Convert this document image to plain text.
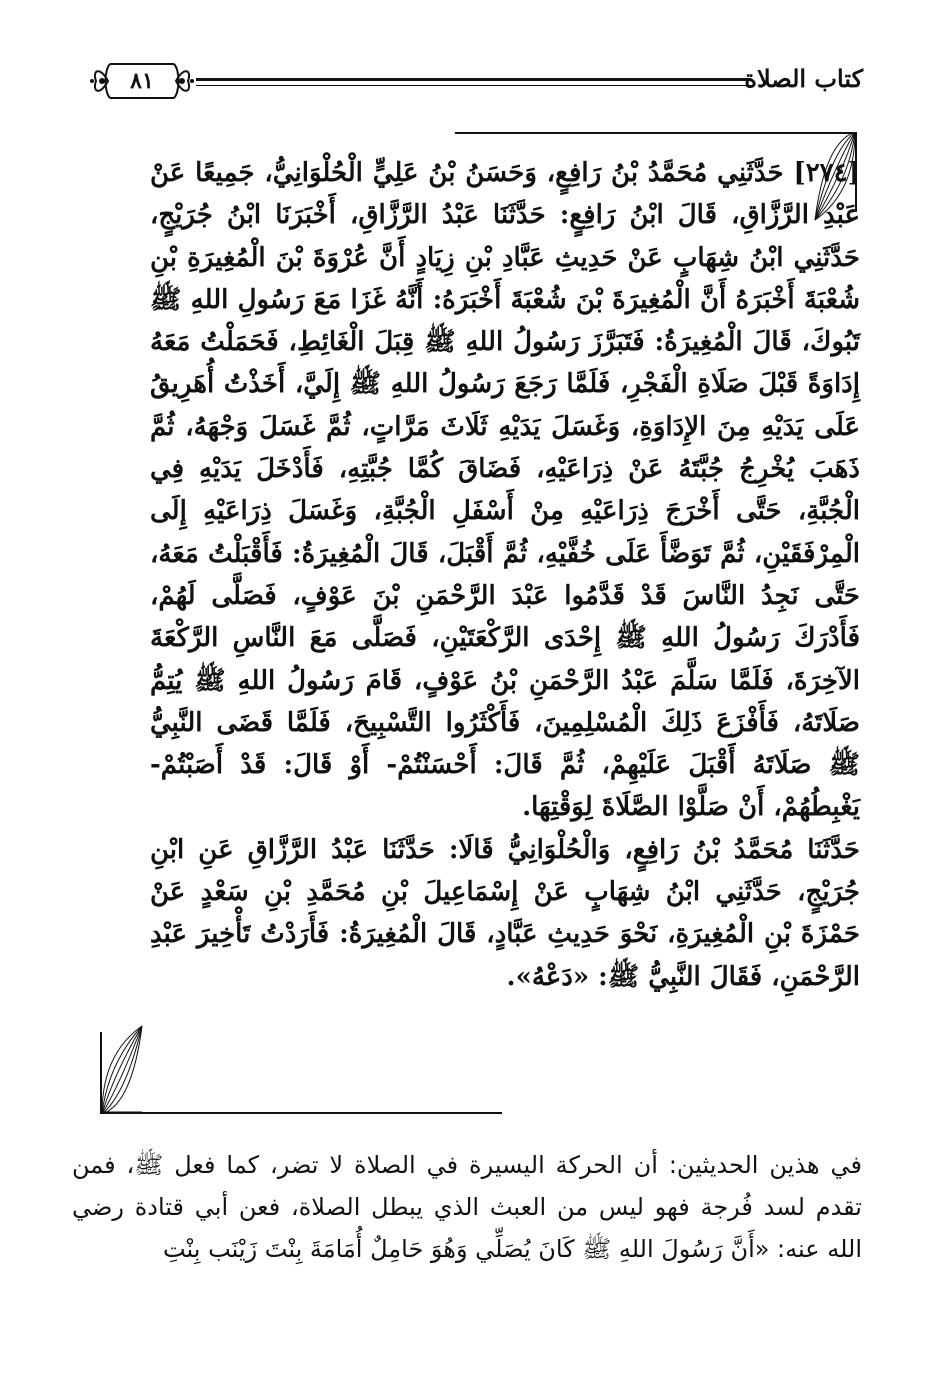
كتاب الصلاة
٨١

[٢٧٤] حَدَّثَنِي مُحَمَّدُ بْنُ رَافِعٍ، وَحَسَنُ بْنُ عَلِيٍّ الْحُلْوَانِيُّ، جَمِيعًا عَنْ عَبْدِ الرَّزَّاقِ، قَالَ ابْنُ رَافِعٍ: حَدَّثَنَا عَبْدُ الرَّزَّاقِ، أَخْبَرَنَا ابْنُ جُرَيْجٍ، حَدَّثَنِي ابْنُ شِهَابٍ عَنْ حَدِيثِ عَبَّادِ بْنِ زِيَادٍ أَنَّ عُرْوَةَ بْنَ الْمُغِيرَةِ بْنِ شُعْبَةَ أَخْبَرَهُ أَنَّ الْمُغِيرَةَ بْنَ شُعْبَةَ أَخْبَرَهُ: أَنَّهُ غَزَا مَعَ رَسُولِ اللهِ ﷺ تَبُوكَ، قَالَ الْمُغِيرَةُ: فَتَبَرَّزَ رَسُولُ اللهِ ﷺ قِبَلَ الْغَائِطِ، فَحَمَلْتُ مَعَهُ إِدَاوَةً قَبْلَ صَلَاةِ الْفَجْرِ، فَلَمَّا رَجَعَ رَسُولُ اللهِ ﷺ إِلَيَّ، أَخَذْتُ أُهَرِيقُ عَلَى يَدَيْهِ مِنَ الإِدَاوَةِ، وَغَسَلَ يَدَيْهِ ثَلَاثَ مَرَّاتٍ، ثُمَّ غَسَلَ وَجْهَهُ، ثُمَّ ذَهَبَ يُخْرِجُ جُبَّتَهُ عَنْ ذِرَاعَيْهِ، فَضَاقَ كُمَّا جُبَّتِهِ، فَأَدْخَلَ يَدَيْهِ فِي الْجُبَّةِ، حَتَّى أَخْرَجَ ذِرَاعَيْهِ مِنْ أَسْفَلِ الْجُبَّةِ، وَغَسَلَ ذِرَاعَيْهِ إِلَى الْمِرْفَقَيْنِ، ثُمَّ تَوَضَّأَ عَلَى خُفَّيْهِ، ثُمَّ أَقْبَلَ، قَالَ الْمُغِيرَةُ: فَأَقْبَلْتُ مَعَهُ، حَتَّى نَجِدُ النَّاسَ قَدْ قَدَّمُوا عَبْدَ الرَّحْمَنِ بْنَ عَوْفٍ، فَصَلَّى لَهُمْ، فَأَدْرَكَ رَسُولُ اللهِ ﷺ إِحْدَى الرَّكْعَتَيْنِ، فَصَلَّى مَعَ النَّاسِ الرَّكْعَةَ الآخِرَةَ، فَلَمَّا سَلَّمَ عَبْدُ الرَّحْمَنِ بْنُ عَوْفٍ، قَامَ رَسُولُ اللهِ ﷺ يُتِمُّ صَلَاتَهُ، فَأَفْزَعَ ذَلِكَ الْمُسْلِمِينَ، فَأَكْثَرُوا التَّسْبِيحَ، فَلَمَّا قَضَى النَّبِيُّ ﷺ صَلَاتَهُ أَقْبَلَ عَلَيْهِمْ، ثُمَّ قَالَ: أَحْسَنْتُمْ- أَوْ قَالَ: قَدْ أَصَبْتُمْ- يَغْبِطُهُمْ، أَنْ صَلَّوْا الصَّلَاةَ لِوَقْتِهَا.

حَدَّثَنَا مُحَمَّدُ بْنُ رَافِعٍ، وَالْحُلْوَانِيُّ قَالَا: حَدَّثَنَا عَبْدُ الرَّزَّاقِ عَنِ ابْنِ جُرَيْجٍ، حَدَّثَنِي ابْنُ شِهَابٍ عَنْ إِسْمَاعِيلَ بْنِ مُحَمَّدِ بْنِ سَعْدٍ عَنْ حَمْزَةَ بْنِ الْمُغِيرَةِ، نَحْوَ حَدِيثِ عَبَّادٍ، قَالَ الْمُغِيرَةُ: فَأَرَدْتُ تَأْخِيرَ عَبْدِ الرَّحْمَنِ، فَقَالَ النَّبِيُّ ﷺ: «دَعْهُ».

في هذين الحديثين: أن الحركة اليسيرة في الصلاة لا تضر، كما فعل ﷺ، فمن تقدم لسد فُرجة فهو ليس من العبث الذي يبطل الصلاة، فعن أبي قتادة رضي الله عنه: «أَنَّ رَسُولَ اللهِ ﷺ كَانَ يُصَلِّي وَهُوَ حَامِلٌ أُمَامَةَ بِنْتَ زَيْنَب بِنْتِ
